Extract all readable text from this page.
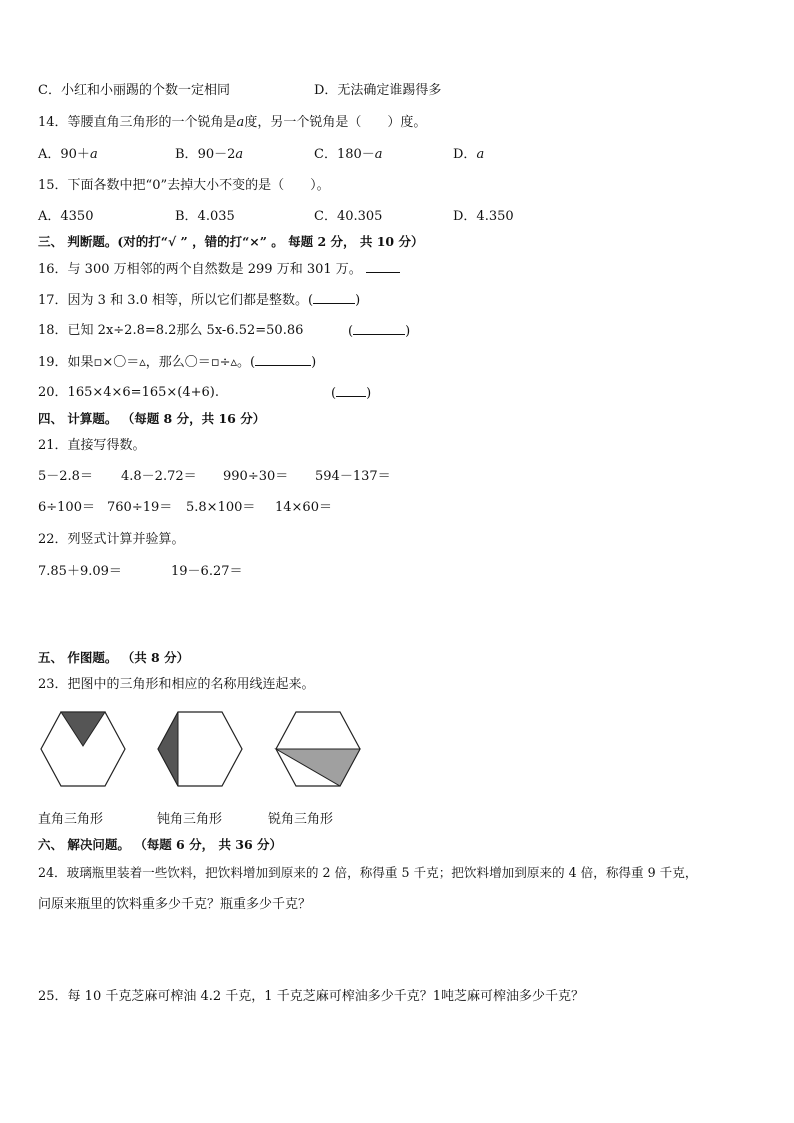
C．小红和小丽踢的个数一定相同	D．无法确定谁踢得多
14．等腰直角三角形的一个锐角是a度，另一个锐角是（　　）度。
A．90＋a	B．90－2a	C．180－a	D．a
15．下面各数中把“0”去掉大小不变的是（　　）。
A．4350	B．4.035	C．40.305	D．4.350
三、 判断题。(对的打“√ ” ，错的打“×” 。 每题 2 分， 共 10 分）
16．与 300 万相邻的两个自然数是 299 万和 301 万。
17．因为 3 和 3.0 相等，所以它们都是整数。(	)
18．已知 2x÷2.8=8.2那么 5x-6.52=50.86	(	)
19．如果▫×〇＝▵，那么〇＝▫÷▵。(	)
20．165×4×6=165×(4+6).	( )
四、 计算题。 （每题 8 分，共 16 分）
21．直接写得数。
5－2.8＝ 4.8－2.72＝ 990÷30＝ 594－137＝
6÷100＝ 760÷19＝ 5.8×100＝ 14×60＝
22．列竖式计算并验算。
7.85＋9.09＝	19－6.27＝
五、 作图题。 （共 8 分）
23．把图中的三角形和相应的名称用线连起来。
直角三角形	钝角三角形	锐角三角形
六、 解决问题。 （每题 6 分， 共 36 分）
24．玻璃瓶里装着一些饮料，把饮料增加到原来的 2 倍，称得重 5 千克；把饮料增加到原来的 4 倍，称得重 9 千克，
问原来瓶里的饮料重多少千克？瓶重多少千克？
25．每 10 千克芝麻可榨油 4.2 千克，1 千克芝麻可榨油多少千克？1吨芝麻可榨油多少千克？
